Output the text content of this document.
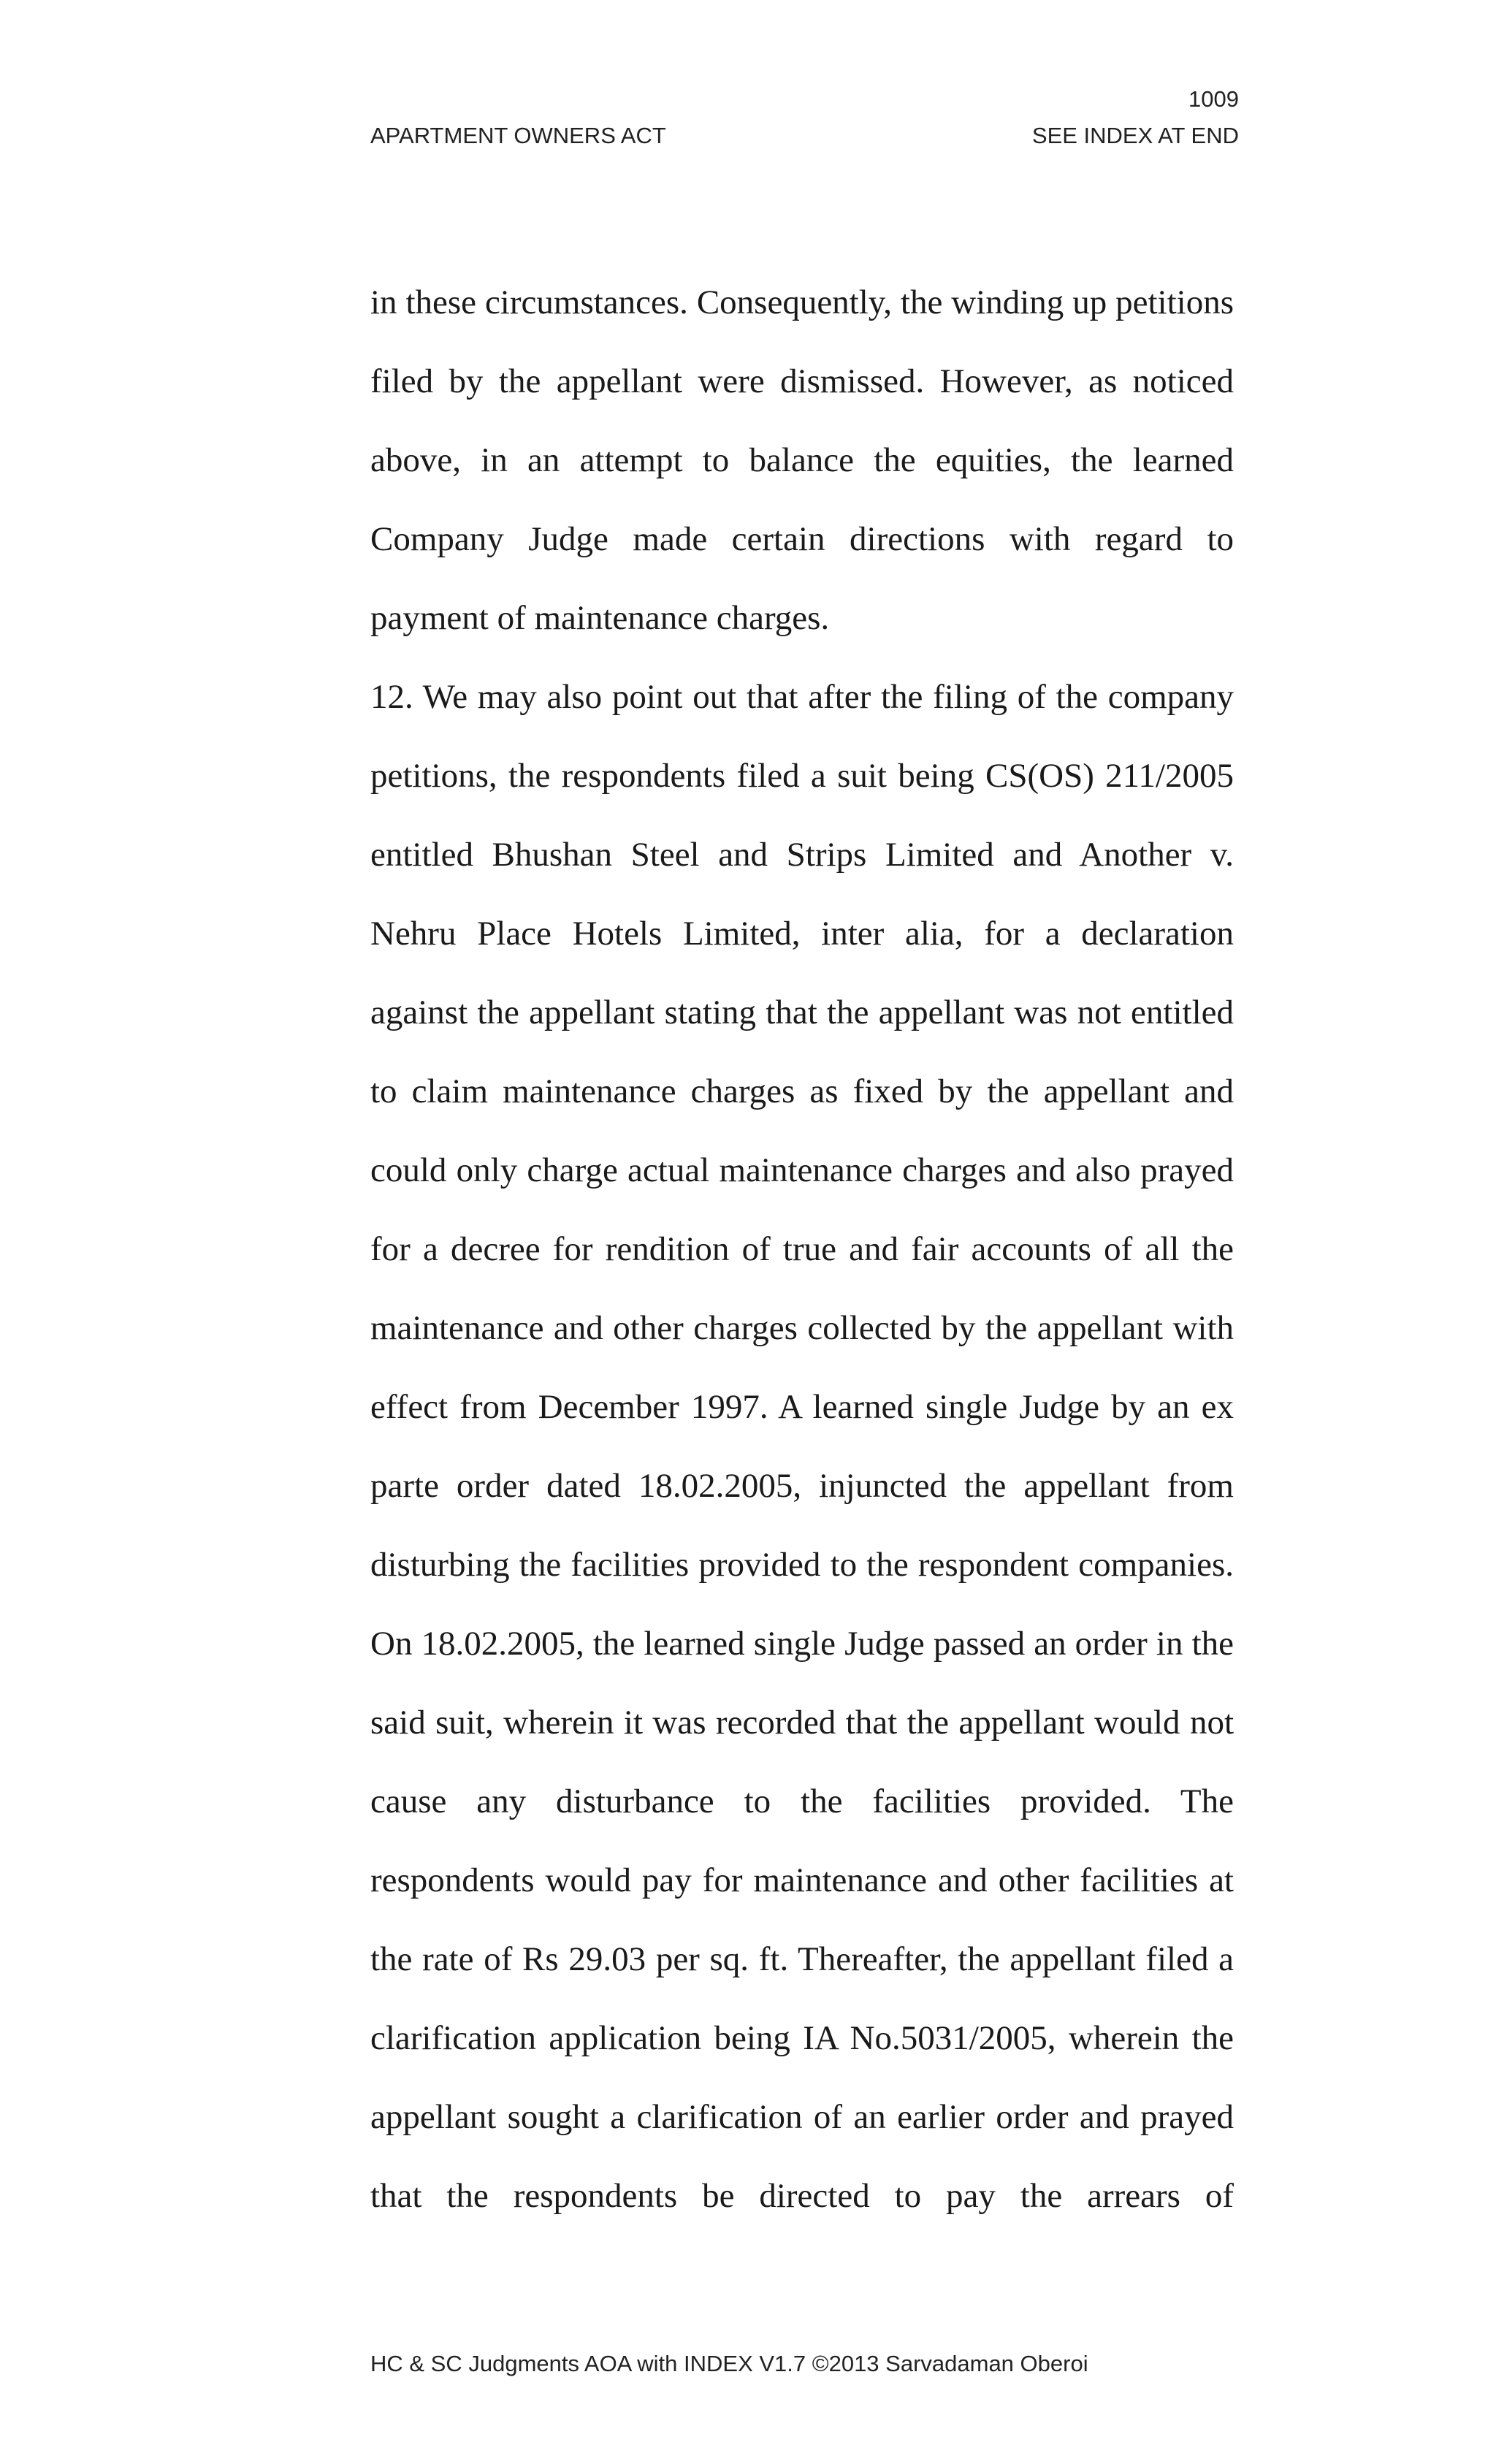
1009
APARTMENT OWNERS ACT	SEE INDEX AT END

in these circumstances. Consequently, the winding up petitions filed by the appellant were dismissed. However, as noticed above, in an attempt to balance the equities, the learned Company Judge made certain directions with regard to payment of maintenance charges.

12. We may also point out that after the filing of the company petitions, the respondents filed a suit being CS(OS) 211/2005 entitled Bhushan Steel and Strips Limited and Another v. Nehru Place Hotels Limited, inter alia, for a declaration against the appellant stating that the appellant was not entitled to claim maintenance charges as fixed by the appellant and could only charge actual maintenance charges and also prayed for a decree for rendition of true and fair accounts of all the maintenance and other charges collected by the appellant with effect from December 1997. A learned single Judge by an ex parte order dated 18.02.2005, injuncted the appellant from disturbing the facilities provided to the respondent companies. On 18.02.2005, the learned single Judge passed an order in the said suit, wherein it was recorded that the appellant would not cause any disturbance to the facilities provided. The respondents would pay for maintenance and other facilities at the rate of Rs 29.03 per sq. ft. Thereafter, the appellant filed a clarification application being IA No.5031/2005, wherein the appellant sought a clarification of an earlier order and prayed that the respondents be directed to pay the arrears of

HC & SC Judgments AOA with INDEX V1.7 ©2013 Sarvadaman Oberoi
